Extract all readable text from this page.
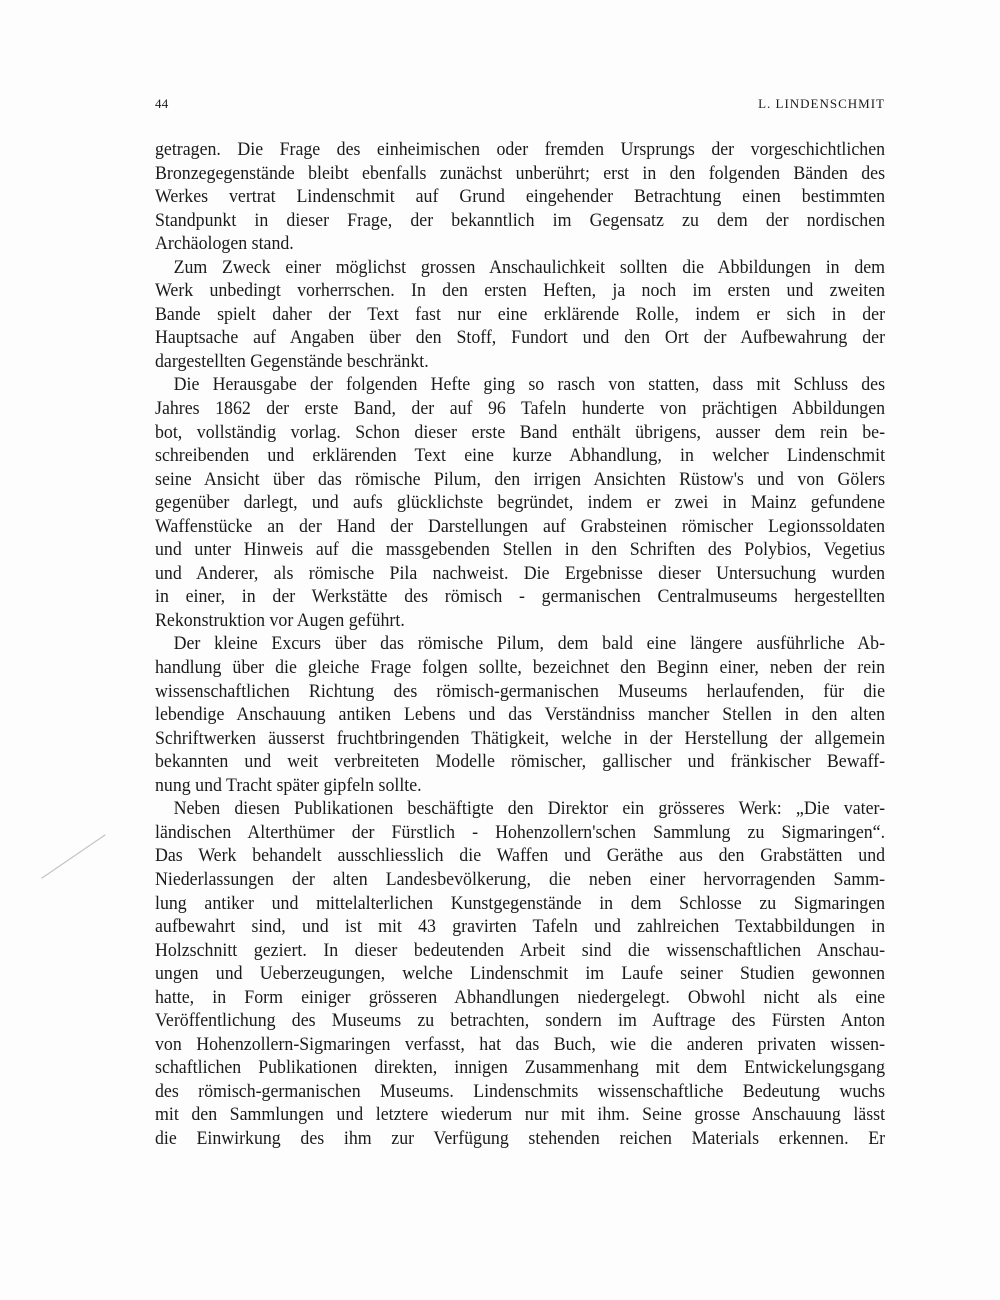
44	L. LINDENSCHMIT
getragen. Die Frage des einheimischen oder fremden Ursprungs der vorgeschichtlichen
Bronzegegenstände bleibt ebenfalls zunächst unberührt; erst in den folgenden Bänden des
Werkes vertrat Lindenschmit auf Grund eingehender Betrachtung einen bestimmten
Standpunkt in dieser Frage, der bekanntlich im Gegensatz zu dem der nordischen
Archäologen stand.
Zum Zweck einer möglichst grossen Anschaulichkeit sollten die Abbildungen in dem
Werk unbedingt vorherrschen. In den ersten Heften, ja noch im ersten und zweiten
Bande spielt daher der Text fast nur eine erklärende Rolle, indem er sich in der
Hauptsache auf Angaben über den Stoff, Fundort und den Ort der Aufbewahrung der
dargestellten Gegenstände beschränkt.
Die Herausgabe der folgenden Hefte ging so rasch von statten, dass mit Schluss des
Jahres 1862 der erste Band, der auf 96 Tafeln hunderte von prächtigen Abbildungen
bot, vollständig vorlag. Schon dieser erste Band enthält übrigens, ausser dem rein be-
schreibenden und erklärenden Text eine kurze Abhandlung, in welcher Lindenschmit
seine Ansicht über das römische Pilum, den irrigen Ansichten Rüstow's und von Gölers
gegenüber darlegt, und aufs glücklichste begründet, indem er zwei in Mainz gefundene
Waffenstücke an der Hand der Darstellungen auf Grabsteinen römischer Legionssoldaten
und unter Hinweis auf die massgebenden Stellen in den Schriften des Polybios, Vegetius
und Anderer, als römische Pila nachweist. Die Ergebnisse dieser Untersuchung wurden
in einer, in der Werkstätte des römisch - germanischen Centralmuseums hergestellten
Rekonstruktion vor Augen geführt.
Der kleine Excurs über das römische Pilum, dem bald eine längere ausführliche Ab-
handlung über die gleiche Frage folgen sollte, bezeichnet den Beginn einer, neben der rein
wissenschaftlichen Richtung des römisch-germanischen Museums herlaufenden, für die
lebendige Anschauung antiken Lebens und das Verständniss mancher Stellen in den alten
Schriftwerken äusserst fruchtbringenden Thätigkeit, welche in der Herstellung der allgemein
bekannten und weit verbreiteten Modelle römischer, gallischer und fränkischer Bewaff-
nung und Tracht später gipfeln sollte.
Neben diesen Publikationen beschäftigte den Direktor ein grösseres Werk: „Die vater-
ländischen Alterthümer der Fürstlich - Hohenzollern'schen Sammlung zu Sigmaringen“.
Das Werk behandelt ausschliesslich die Waffen und Geräthe aus den Grabstätten und
Niederlassungen der alten Landesbevölkerung, die neben einer hervorragenden Samm-
lung antiker und mittelalterlichen Kunstgegenstände in dem Schlosse zu Sigmaringen
aufbewahrt sind, und ist mit 43 gravirten Tafeln und zahlreichen Textabbildungen in
Holzschnitt geziert. In dieser bedeutenden Arbeit sind die wissenschaftlichen Anschau-
ungen und Ueberzeugungen, welche Lindenschmit im Laufe seiner Studien gewonnen
hatte, in Form einiger grösseren Abhandlungen niedergelegt. Obwohl nicht als eine
Veröffentlichung des Museums zu betrachten, sondern im Auftrage des Fürsten Anton
von Hohenzollern-Sigmaringen verfasst, hat das Buch, wie die anderen privaten wissen-
schaftlichen Publikationen direkten, innigen Zusammenhang mit dem Entwickelungsgang
des römisch-germanischen Museums. Lindenschmits wissenschaftliche Bedeutung wuchs
mit den Sammlungen und letztere wiederum nur mit ihm. Seine grosse Anschauung lässt
die Einwirkung des ihm zur Verfügung stehenden reichen Materials erkennen. Er
